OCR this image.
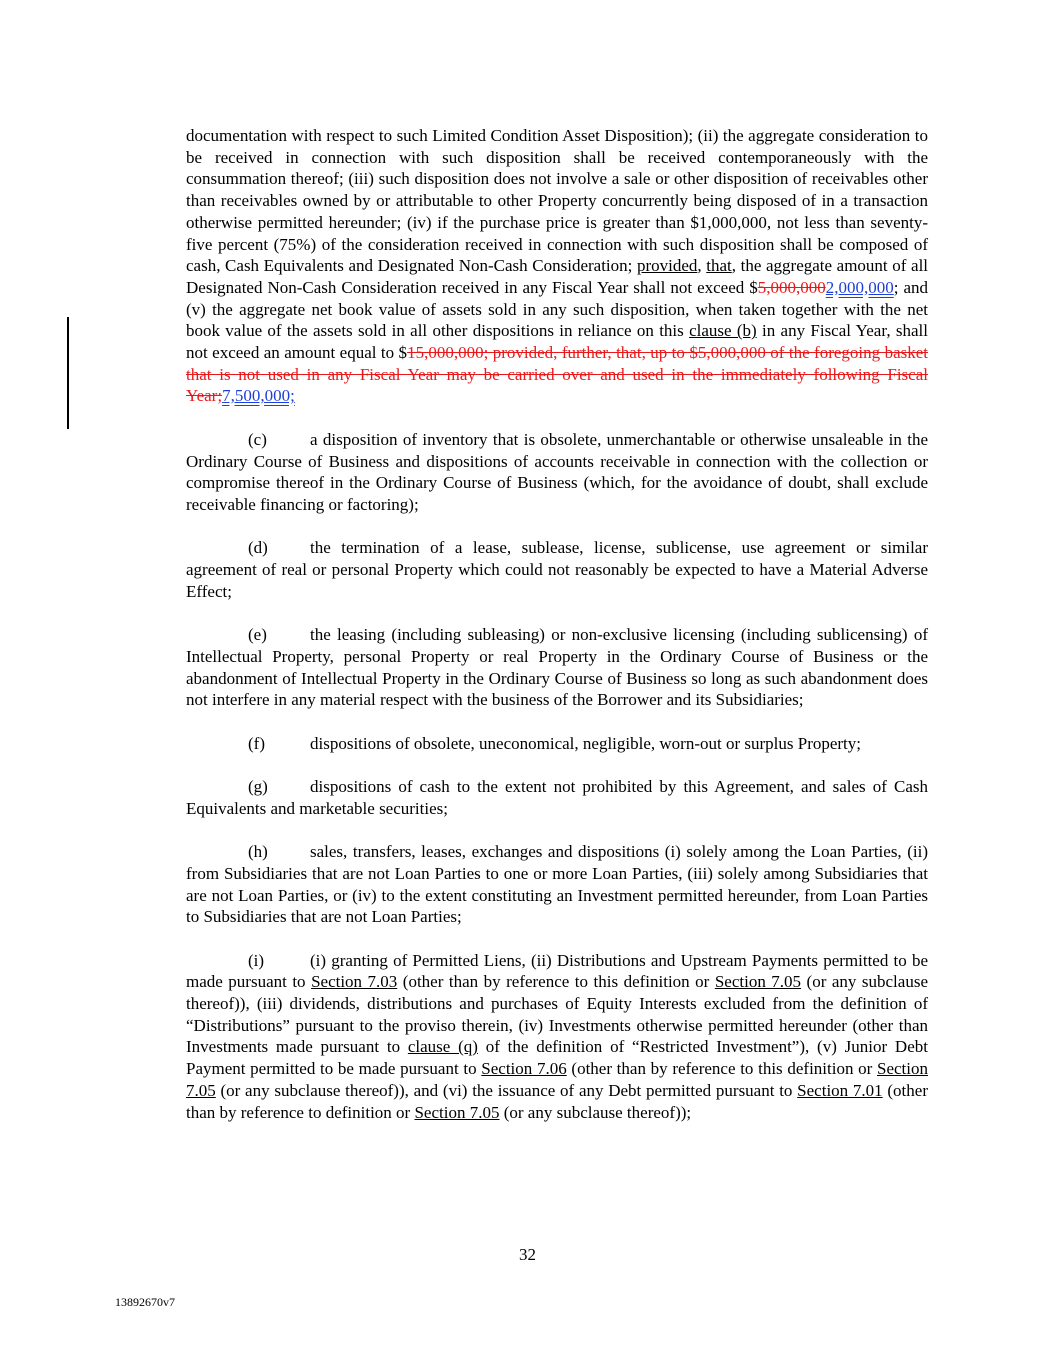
documentation with respect to such Limited Condition Asset Disposition); (ii) the aggregate consideration to be received in connection with such disposition shall be received contemporaneously with the consummation thereof; (iii) such disposition does not involve a sale or other disposition of receivables other than receivables owned by or attributable to other Property concurrently being disposed of in a transaction otherwise permitted hereunder; (iv) if the purchase price is greater than $1,000,000, not less than seventy-five percent (75%) of the consideration received in connection with such disposition shall be composed of cash, Cash Equivalents and Designated Non-Cash Consideration; provided, that, the aggregate amount of all Designated Non-Cash Consideration received in any Fiscal Year shall not exceed $5,000,0002,000,000; and (v) the aggregate net book value of assets sold in any such disposition, when taken together with the net book value of the assets sold in all other dispositions in reliance on this clause (b) in any Fiscal Year, shall not exceed an amount equal to $15,000,000; provided, further, that, up to $5,000,000 of the foregoing basket that is not used in any Fiscal Year may be carried over and used in the immediately following Fiscal Year;7,500,000;

(c)	a disposition of inventory that is obsolete, unmerchantable or otherwise unsaleable in the Ordinary Course of Business and dispositions of accounts receivable in connection with the collection or compromise thereof in the Ordinary Course of Business (which, for the avoidance of doubt, shall exclude receivable financing or factoring);

(d) the termination of a lease, sublease, license, sublicense, use agreement or similar agreement of real or personal Property which could not reasonably be expected to have a Material Adverse Effect;

(e)	the leasing (including subleasing) or non-exclusive licensing (including sublicensing) of Intellectual Property, personal Property or real Property in the Ordinary Course of Business or the abandonment of Intellectual Property in the Ordinary Course of Business so long as such abandonment does not interfere in any material respect with the business of the Borrower and its Subsidiaries;

(f)	dispositions of obsolete, uneconomical, negligible, worn-out or surplus Property;

(g) dispositions of cash to the extent not prohibited by this Agreement, and sales of Cash Equivalents and marketable securities;

(h) sales, transfers, leases, exchanges and dispositions (i) solely among the Loan Parties, (ii) from Subsidiaries that are not Loan Parties to one or more Loan Parties, (iii) solely among Subsidiaries that are not Loan Parties, or (iv) to the extent constituting an Investment permitted hereunder, from Loan Parties to Subsidiaries that are not Loan Parties;

(i)	(i) granting of Permitted Liens, (ii) Distributions and Upstream Payments permitted to be made pursuant to Section 7.03 (other than by reference to this definition or Section 7.05 (or any subclause thereof)), (iii) dividends, distributions and purchases of Equity Interests excluded from the definition of “Distributions” pursuant to the proviso therein, (iv) Investments otherwise permitted hereunder (other than Investments made pursuant to clause (q) of the definition of “Restricted Investment”), (v) Junior Debt Payment permitted to be made pursuant to Section 7.06 (other than by reference to this definition or Section 7.05 (or any subclause thereof)), and (vi) the issuance of any Debt permitted pursuant to Section 7.01 (other than by reference to definition or Section 7.05 (or any subclause thereof));

32
13892670v7
